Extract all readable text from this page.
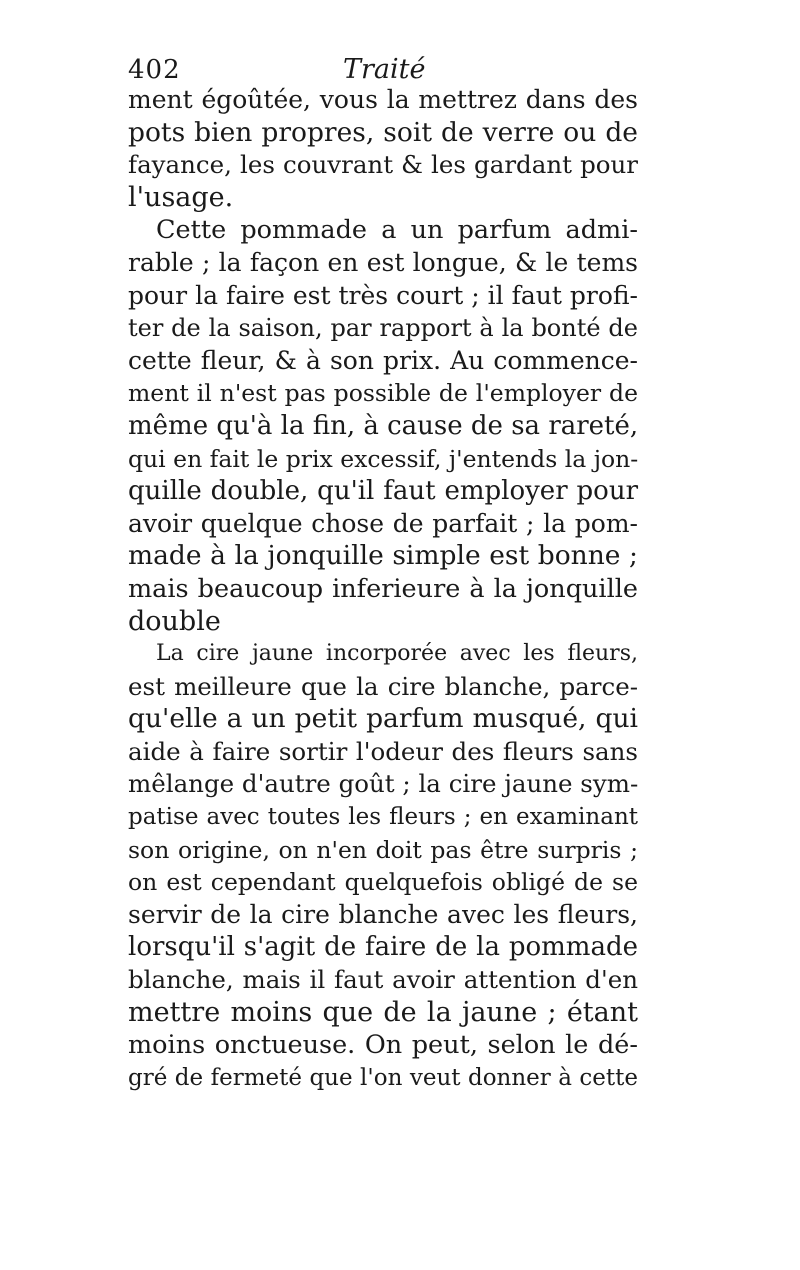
402	Traité
ment égoûtée, vous la mettrez dans des
pots bien propres, soit de verre ou de
fayance, les couvrant & les gardant pour
l'usage.
Cette pommade a un parfum admi-
rable ; la façon en est longue, & le tems
pour la faire est très court ; il faut profi-
ter de la saison, par rapport à la bonté de
cette fleur, & à son prix. Au commence-
ment il n'est pas possible de l'employer de
même qu'à la fin, à cause de sa rareté,
qui en fait le prix excessif, j'entends la jon-
quille double, qu'il faut employer pour
avoir quelque chose de parfait ; la pom-
made à la jonquille simple est bonne ;
mais beaucoup inferieure à la jonquille
double
La cire jaune incorporée avec les fleurs,
est meilleure que la cire blanche, parce-
qu'elle a un petit parfum musqué, qui
aide à faire sortir l'odeur des fleurs sans
mêlange d'autre goût ; la cire jaune sym-
patise avec toutes les fleurs ; en examinant
son origine, on n'en doit pas être surpris ;
on est cependant quelquefois obligé de se
servir de la cire blanche avec les fleurs,
lorsqu'il s'agit de faire de la pommade
blanche, mais il faut avoir attention d'en
mettre moins que de la jaune ; étant
moins onctueuse. On peut, selon le dé-
gré de fermeté que l'on veut donner à cette
